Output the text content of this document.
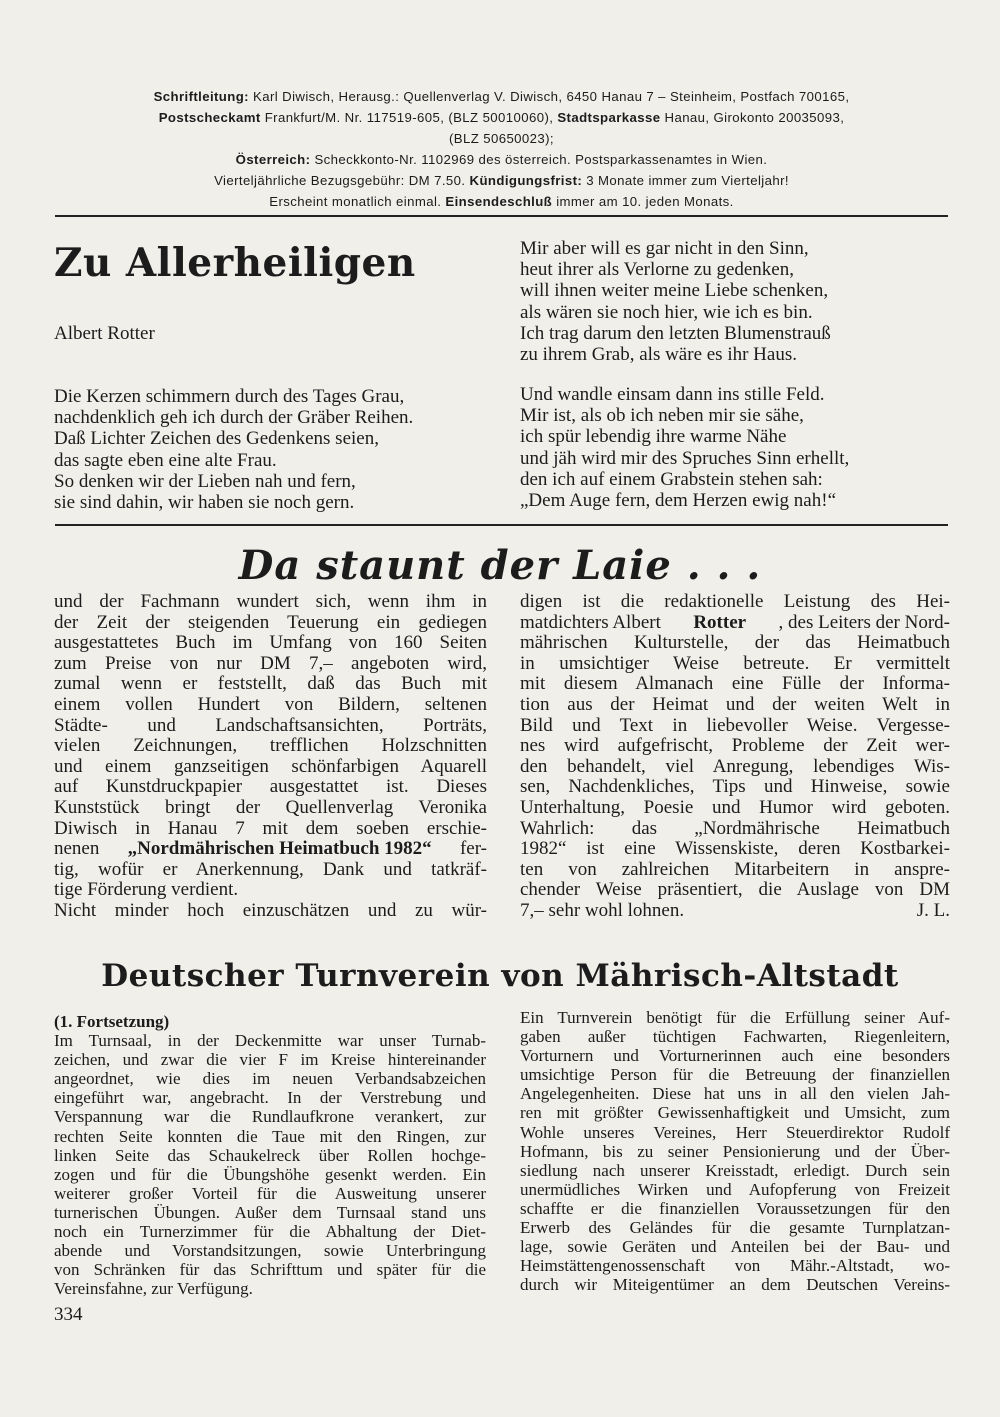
Schriftleitung: Karl Diwisch, Herausg.: Quellenverlag V. Diwisch, 6450 Hanau 7 – Steinheim, Postfach 700165,
Postscheckamt Frankfurt/M. Nr. 117519-605, (BLZ 50010060), Stadtsparkasse Hanau, Girokonto 20035093,
(BLZ 50650023);
Österreich: Scheckkonto-Nr. 1102969 des österreich. Postsparkassenamtes in Wien.
Vierteljährliche Bezugsgebühr: DM 7.50. Kündigungsfrist: 3 Monate immer zum Vierteljahr!
Erscheint monatlich einmal. Einsendeschluß immer am 10. jeden Monats.
Zu Allerheiligen
Albert Rotter
Die Kerzen schimmern durch des Tages Grau,
nachdenklich geh ich durch der Gräber Reihen.
Daß Lichter Zeichen des Gedenkens seien,
das sagte eben eine alte Frau.
So denken wir der Lieben nah und fern,
sie sind dahin, wir haben sie noch gern.
Mir aber will es gar nicht in den Sinn,
heut ihrer als Verlorne zu gedenken,
will ihnen weiter meine Liebe schenken,
als wären sie noch hier, wie ich es bin.
Ich trag darum den letzten Blumenstrauß
zu ihrem Grab, als wäre es ihr Haus.
Und wandle einsam dann ins stille Feld.
Mir ist, als ob ich neben mir sie sähe,
ich spür lebendig ihre warme Nähe
und jäh wird mir des Spruches Sinn erhellt,
den ich auf einem Grabstein stehen sah:
„Dem Auge fern, dem Herzen ewig nah!“
Da staunt der Laie . . .
und der Fachmann wundert sich, wenn ihm in
der Zeit der steigenden Teuerung ein gediegen
ausgestattetes Buch im Umfang von 160 Seiten
zum Preise von nur DM 7,– angeboten wird,
zumal wenn er feststellt, daß das Buch mit
einem vollen Hundert von Bildern, seltenen
Städte- und Landschaftsansichten, Porträts,
vielen Zeichnungen, trefflichen Holzschnitten
und einem ganzseitigen schönfarbigen Aquarell
auf Kunstdruckpapier ausgestattet ist. Dieses
Kunststück bringt der Quellenverlag Veronika
Diwisch in Hanau 7 mit dem soeben erschie-
nenen „Nordmährischen Heimatbuch 1982“ fer-
tig, wofür er Anerkennung, Dank und tatkräf-
tige Förderung verdient.
Nicht minder hoch einzuschätzen und zu wür-
digen ist die redaktionelle Leistung des Hei-
matdichters Albert Rotter , des Leiters der Nord-
mährischen Kulturstelle, der das Heimatbuch
in umsichtiger Weise betreute. Er vermittelt
mit diesem Almanach eine Fülle der Informa-
tion aus der Heimat und der weiten Welt in
Bild und Text in liebevoller Weise. Vergesse-
nes wird aufgefrischt, Probleme der Zeit wer-
den behandelt, viel Anregung, lebendiges Wis-
sen, Nachdenkliches, Tips und Hinweise, sowie
Unterhaltung, Poesie und Humor wird geboten.
Wahrlich: das „Nordmährische Heimatbuch
1982“ ist eine Wissenskiste, deren Kostbarkei-
ten von zahlreichen Mitarbeitern in anspre-
chender Weise präsentiert, die Auslage von DM
7,– sehr wohl lohnen.	J. L.
Deutscher Turnverein von Mährisch-Altstadt
(1. Fortsetzung)
Im Turnsaal, in der Deckenmitte war unser Turnab-
zeichen, und zwar die vier F im Kreise hintereinander
angeordnet, wie dies im neuen Verbandsabzeichen
eingeführt war, angebracht. In der Verstrebung und
Verspannung war die Rundlaufkrone verankert, zur
rechten Seite konnten die Taue mit den Ringen, zur
linken Seite das Schaukelreck über Rollen hochge-
zogen und für die Übungshöhe gesenkt werden. Ein
weiterer großer Vorteil für die Ausweitung unserer
turnerischen Übungen. Außer dem Turnsaal stand uns
noch ein Turnerzimmer für die Abhaltung der Diet-
abende und Vorstandsitzungen, sowie Unterbringung
von Schränken für das Schrifttum und später für die
Vereinsfahne, zur Verfügung.
Ein Turnverein benötigt für die Erfüllung seiner Auf-
gaben außer tüchtigen Fachwarten, Riegenleitern,
Vorturnern und Vorturnerinnen auch eine besonders
umsichtige Person für die Betreuung der finanziellen
Angelegenheiten. Diese hat uns in all den vielen Jah-
ren mit größter Gewissenhaftigkeit und Umsicht, zum
Wohle unseres Vereines, Herr Steuerdirektor Rudolf
Hofmann, bis zu seiner Pensionierung und der Über-
siedlung nach unserer Kreisstadt, erledigt. Durch sein
unermüdliches Wirken und Aufopferung von Freizeit
schaffte er die finanziellen Voraussetzungen für den
Erwerb des Geländes für die gesamte Turnplatzan-
lage, sowie Geräten und Anteilen bei der Bau- und
Heimstättengenossenschaft von Mähr.-Altstadt, wo-
durch wir Miteigentümer an dem Deutschen Vereins-
334
